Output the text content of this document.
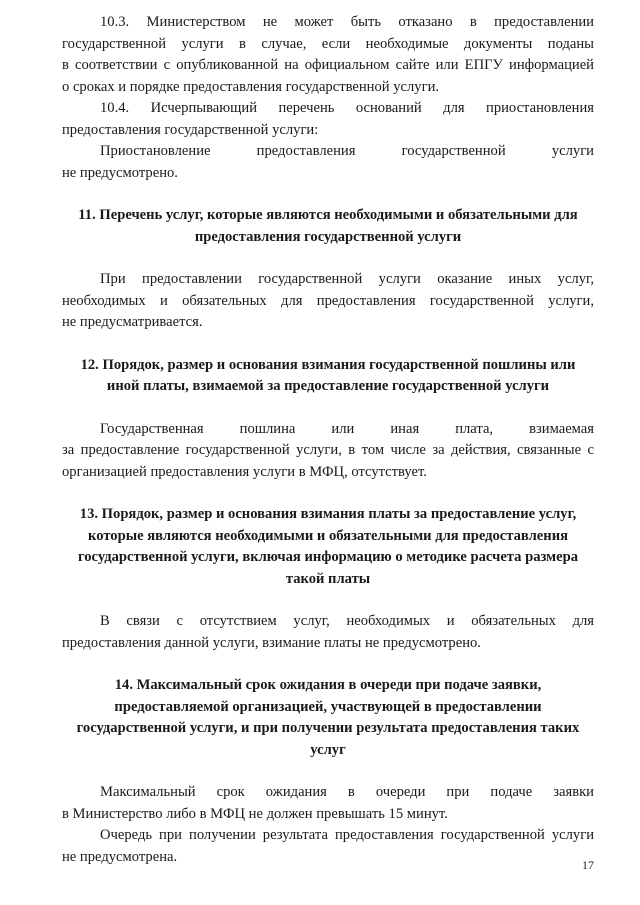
10.3. Министерством не может быть отказано в предоставлении

государственной услуги в случае, если необходимые документы поданы

в соответствии с опубликованной на официальном сайте или ЕПГУ информацией

о сроках и порядке предоставления государственной услуги.

10.4. Исчерпывающий перечень оснований для приостановления

предоставления государственной услуги:

Приостановление предоставления государственной услуги

не предусмотрено.

11. Перечень услуг, которые являются необходимыми и обязательными для

предоставления государственной услуги

При предоставлении государственной услуги оказание иных услуг,

необходимых и обязательных для предоставления государственной услуги,

не предусматривается.

12. Порядок, размер и основания взимания государственной пошлины или

иной платы, взимаемой за предоставление государственной услуги

Государственная пошлина или иная плата, взимаемая

за предоставление государственной услуги, в том числе за действия, связанные с

организацией предоставления услуги в МФЦ, отсутствует.

13. Порядок, размер и основания взимания платы за предоставление услуг,

которые являются необходимыми и обязательными для предоставления

государственной услуги, включая информацию о методике расчета размера

такой платы

В связи с отсутствием услуг, необходимых и обязательных для

предоставления данной услуги, взимание платы не предусмотрено.

14. Максимальный срок ожидания в очереди при подаче заявки,

предоставляемой организацией, участвующей в предоставлении

государственной услуги, и при получении результата предоставления таких

услуг

Максимальный срок ожидания в очереди при подаче заявки

в Министерство либо в МФЦ не должен превышать 15 минут.

Очередь при получении результата предоставления государственной услуги

не предусмотрена.

17
